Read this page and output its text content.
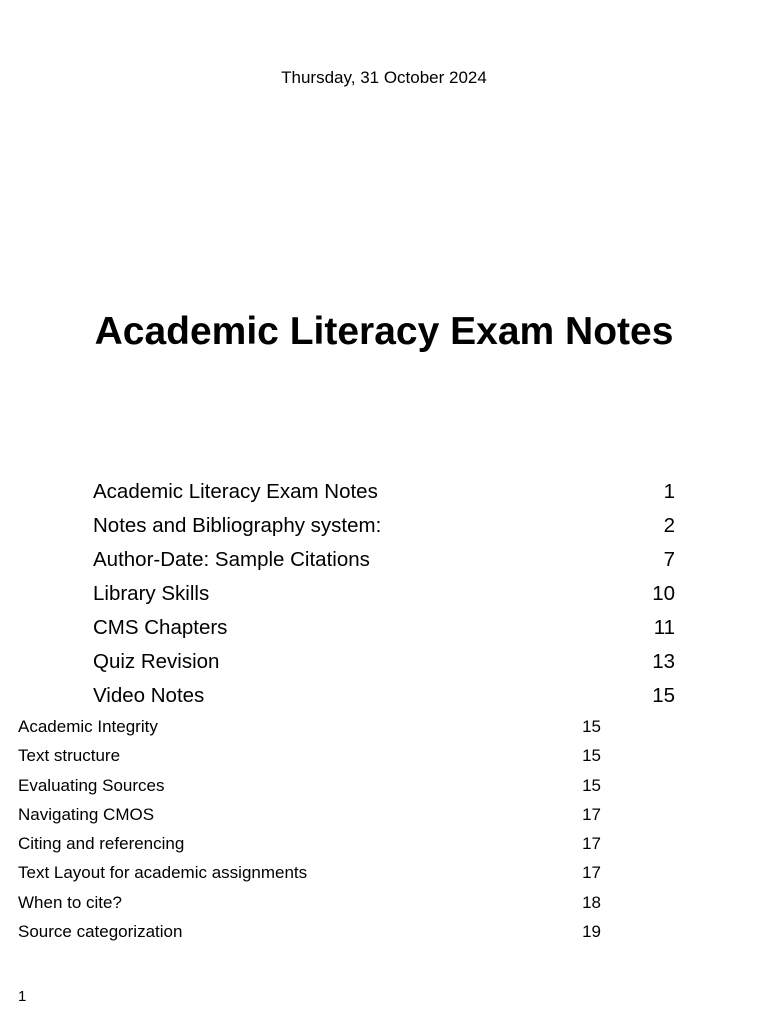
Thursday, 31 October 2024
Academic Literacy Exam Notes
Academic Literacy Exam Notes	1
Notes and Bibliography system:	2
Author-Date: Sample Citations	7
Library Skills	10
CMS Chapters	11
Quiz Revision	13
Video Notes	15
Academic Integrity	15
Text structure	15
Evaluating Sources	15
Navigating CMOS	17
Citing and referencing	17
Text Layout for academic assignments	17
When to cite?	18
Source categorization	19
1
